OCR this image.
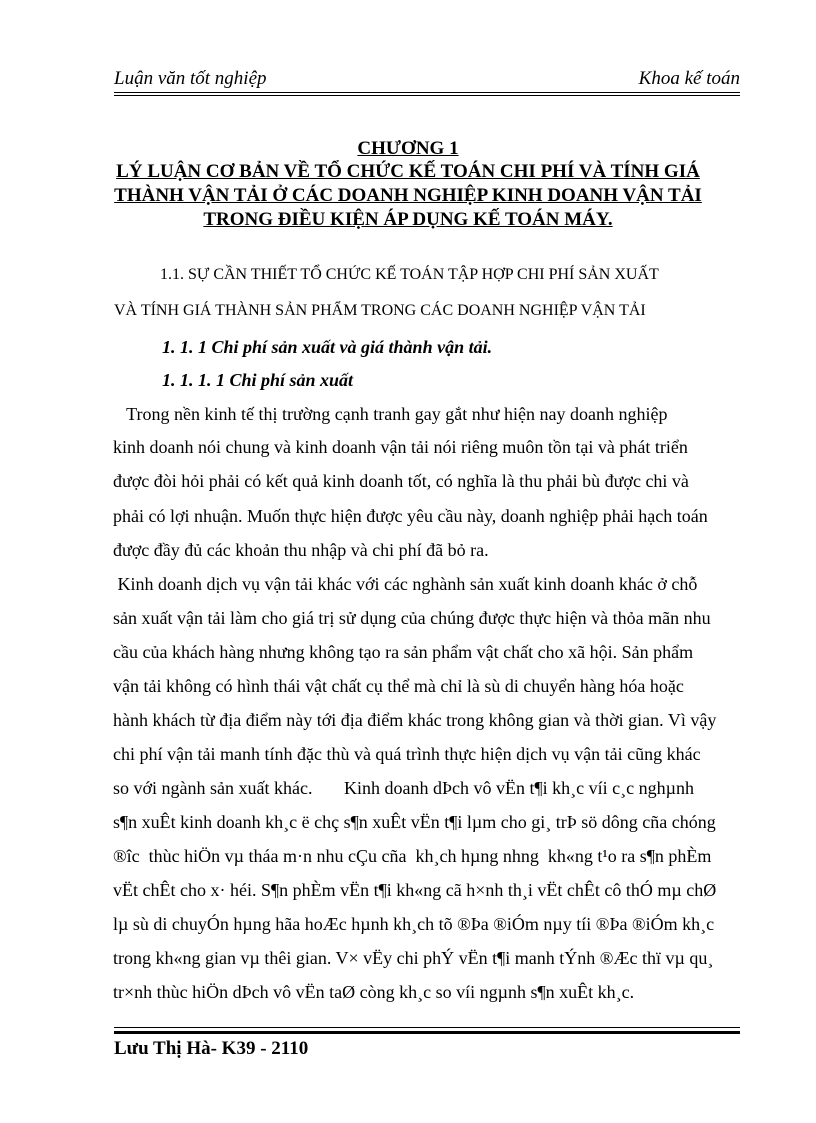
Luận văn tốt nghiệp	Khoa kế toán
CHƯƠNG 1
LÝ LUẬN CƠ BẢN VỀ TỔ CHỨC KẾ TOÁN CHI PHÍ VÀ TÍNH GIÁ
THÀNH VẬN TẢI Ở CÁC DOANH NGHIỆP KINH DOANH VẬN TẢI
TRONG ĐIỀU KIỆN ÁP DỤNG KẾ TOÁN MÁY.
1.1. SỰ CẦN THIẾT TỔ CHỨC KẾ TOÁN TẬP HỢP CHI PHÍ SẢN XUẤT
VÀ TÍNH GIÁ THÀNH SẢN PHẨM TRONG CÁC DOANH NGHIỆP VẬN TẢI
1. 1. 1 Chi phí sản xuất và giá thành vận tải.
1. 1. 1. 1 Chi phí sản xuất
Trong nền kinh tế thị trường cạnh tranh gay gắt như hiện nay doanh nghiệp
kinh doanh nói chung và kinh doanh vận tải nói riêng muôn tồn tại và phát triển
được đòi hỏi phải có kết quả kinh doanh tốt, có nghĩa là thu phải bù được chi và
phải có lợi nhuận. Muốn thực hiện được yêu cầu này, doanh nghiệp phải hạch toán
được đầy đủ các khoản thu nhập và chi phí đã bỏ ra.
Kinh doanh dịch vụ vận tải khác với các nghành sản xuất kinh doanh khác ở chỗ
sản xuất vận tải làm cho giá trị sử dụng của chúng được thực hiện và thỏa mãn nhu
cầu của khách hàng nhưng không tạo ra sản phẩm vật chất cho xã hội. Sản phẩm
vận tải không có hình thái vật chất cụ thể mà chỉ là sù di chuyển hàng hóa hoặc
hành khách từ địa điểm này tới địa điểm khác trong không gian và thời gian. Vì vậy
chi phí vận tải manh tính đặc thù và quá trình thực hiện dịch vụ vận tải cũng khác
so với ngành sản xuất khác.       Kinh doanh dÞch vô vËn t¶i kh¸c víi c¸c nghµnh
s¶n xuÊt kinh doanh kh¸c ë chç s¶n xuÊt vËn t¶i lµm cho gi¸ trÞ sö dông cña chóng
®îc  thùc hiÖn vµ tháa m·n nhu cÇu cña  kh¸ch hµng nhng  kh«ng t¹o ra s¶n phÈm
vËt chÊt cho x· héi. S¶n phÈm vËn t¶i kh«ng cã h×nh th¸i vËt chÊt cô thÓ mµ chØ
lµ sù di chuyÓn hµng hãa hoÆc hµnh kh¸ch tõ ®Þa ®iÓm nµy tíi ®Þa ®iÓm kh¸c
trong kh«ng gian vµ thêi gian. V× vËy chi phÝ vËn t¶i manh tÝnh ®Æc thï vµ qu¸
tr×nh thùc hiÖn dÞch vô vËn taØ còng kh¸c so víi ngµnh s¶n xuÊt kh¸c.
Lưu Thị Hà- K39 - 2110
